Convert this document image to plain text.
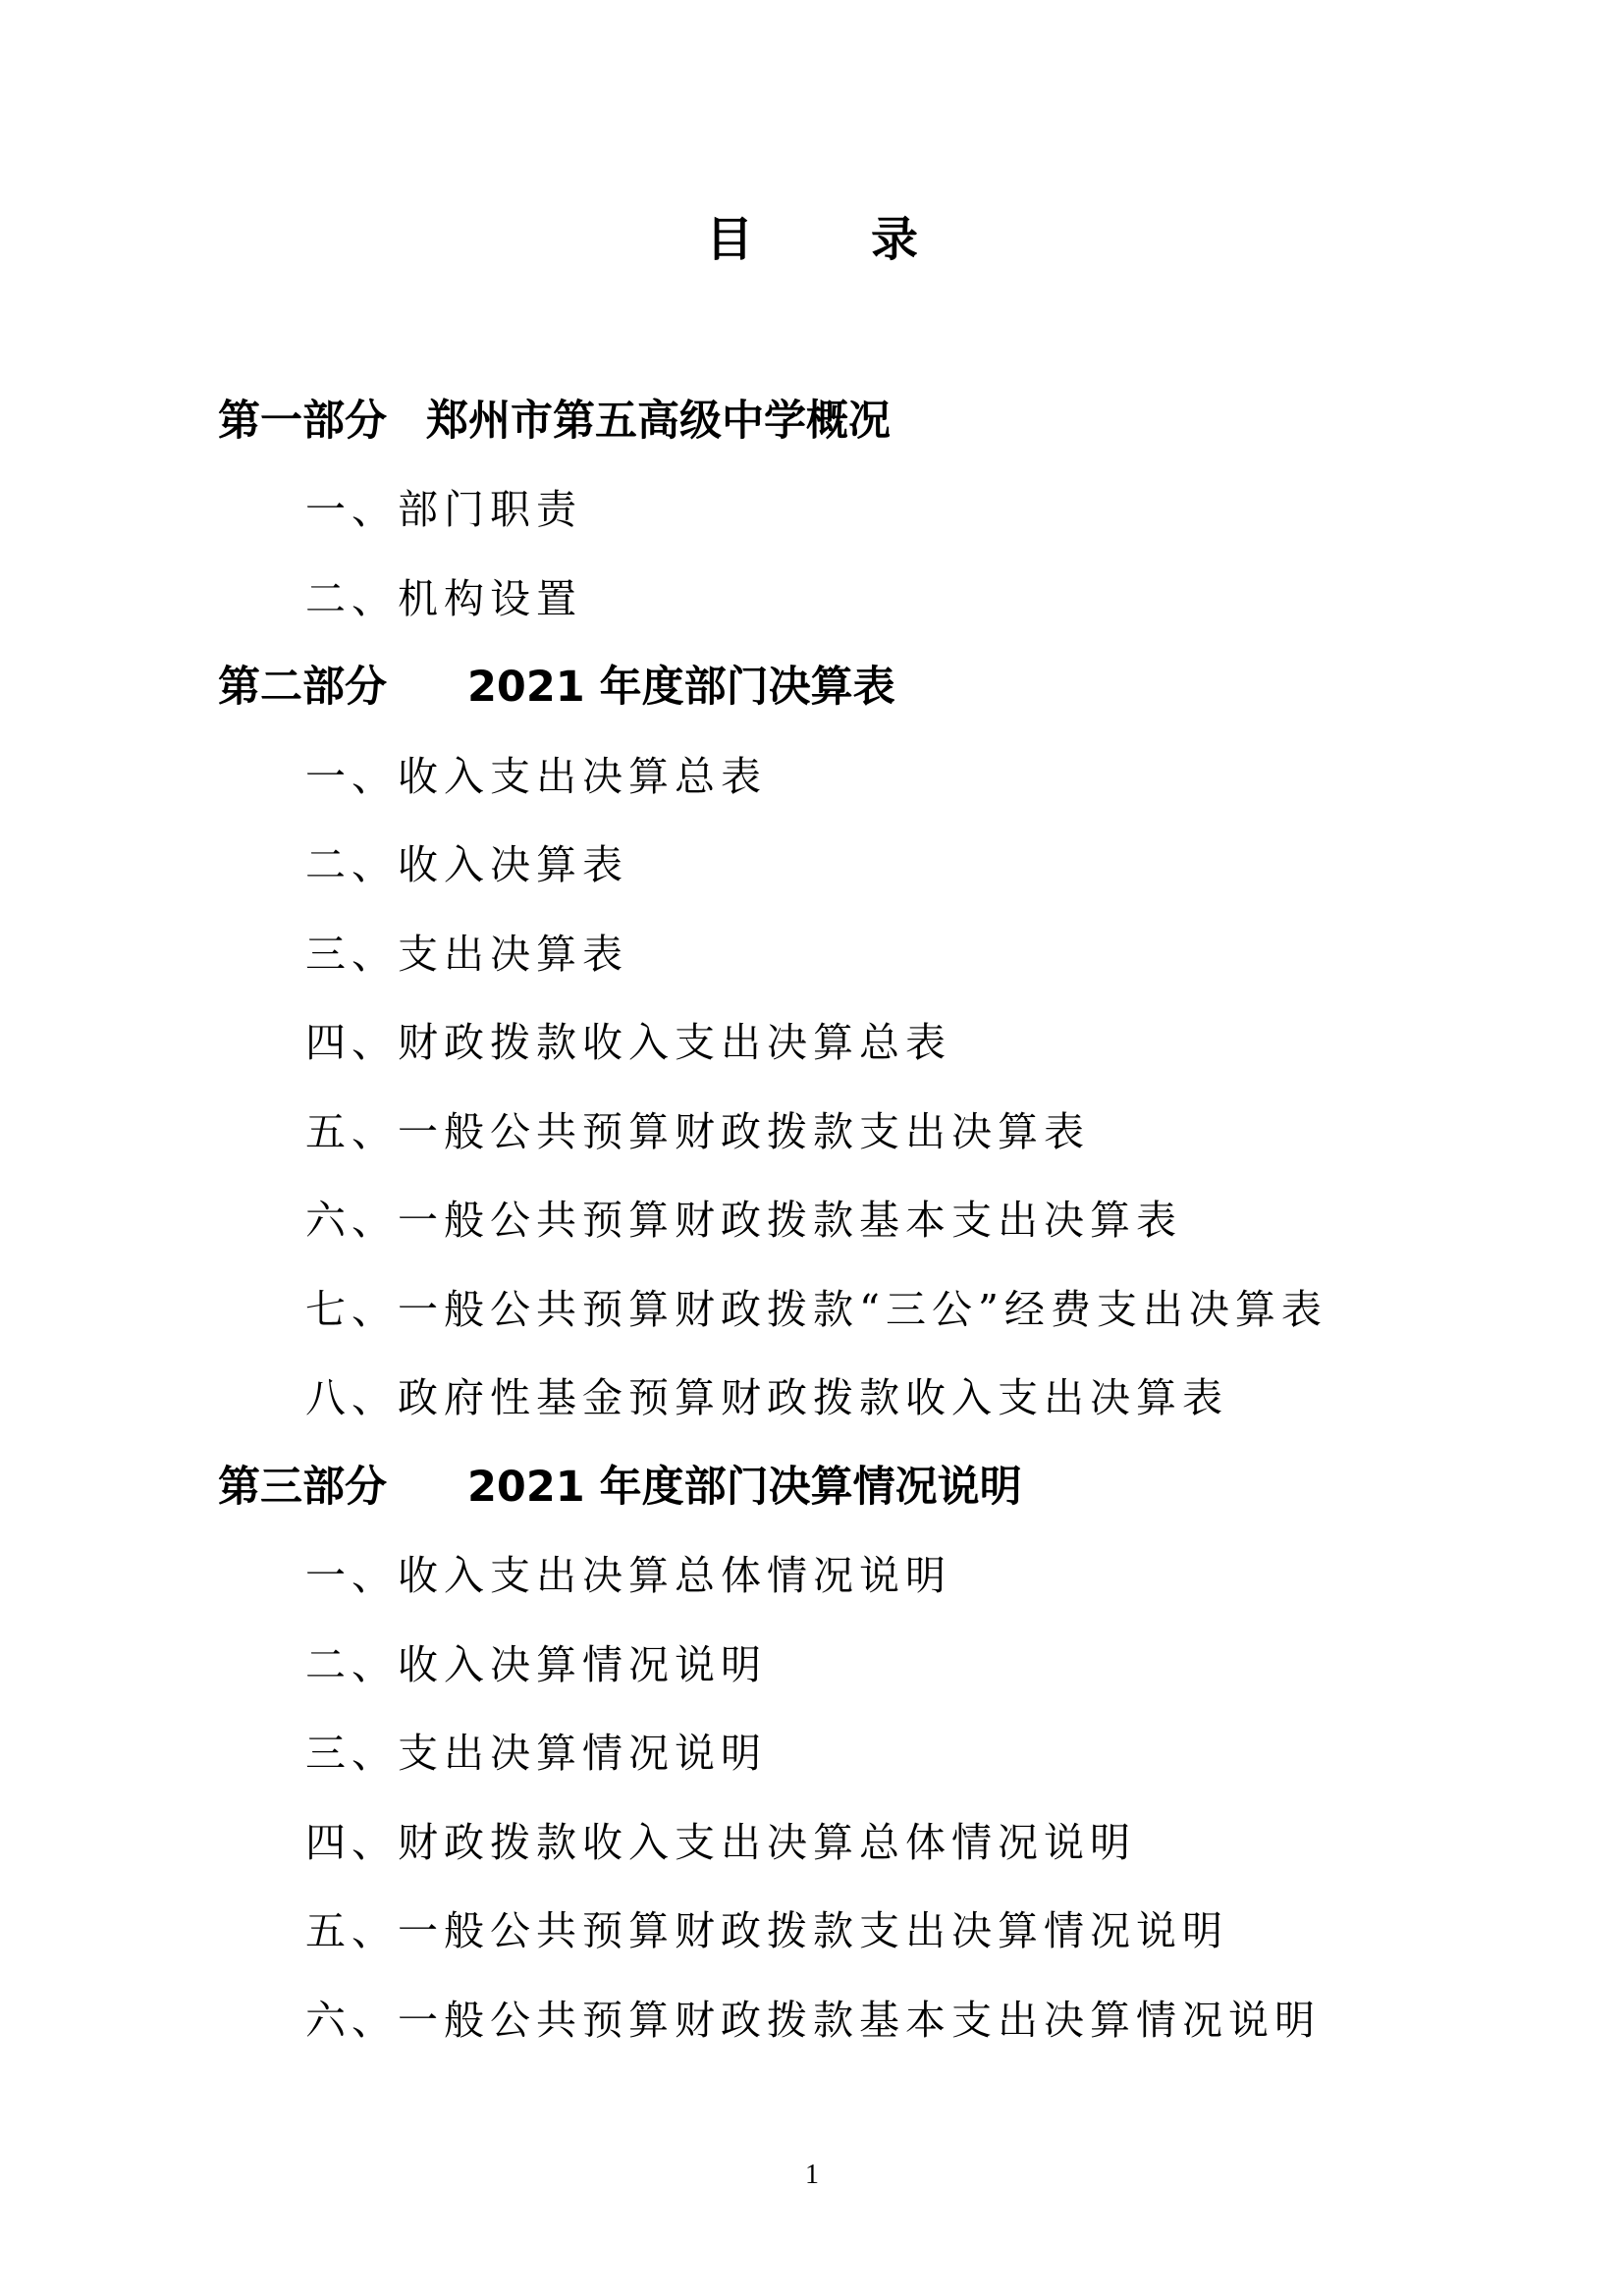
目	录
第一部分 郑州市第五高级中学概况
一、部门职责
二、机构设置
第二部分 2021 年度部门决算表
一、收入支出决算总表
二、收入决算表
三、支出决算表
四、财政拨款收入支出决算总表
五、一般公共预算财政拨款支出决算表
六、一般公共预算财政拨款基本支出决算表
七、一般公共预算财政拨款“三公”经费支出决算表
八、政府性基金预算财政拨款收入支出决算表
第三部分 2021 年度部门决算情况说明
一、收入支出决算总体情况说明
二、收入决算情况说明
三、支出决算情况说明
四、财政拨款收入支出决算总体情况说明
五、一般公共预算财政拨款支出决算情况说明
六、一般公共预算财政拨款基本支出决算情况说明
1
